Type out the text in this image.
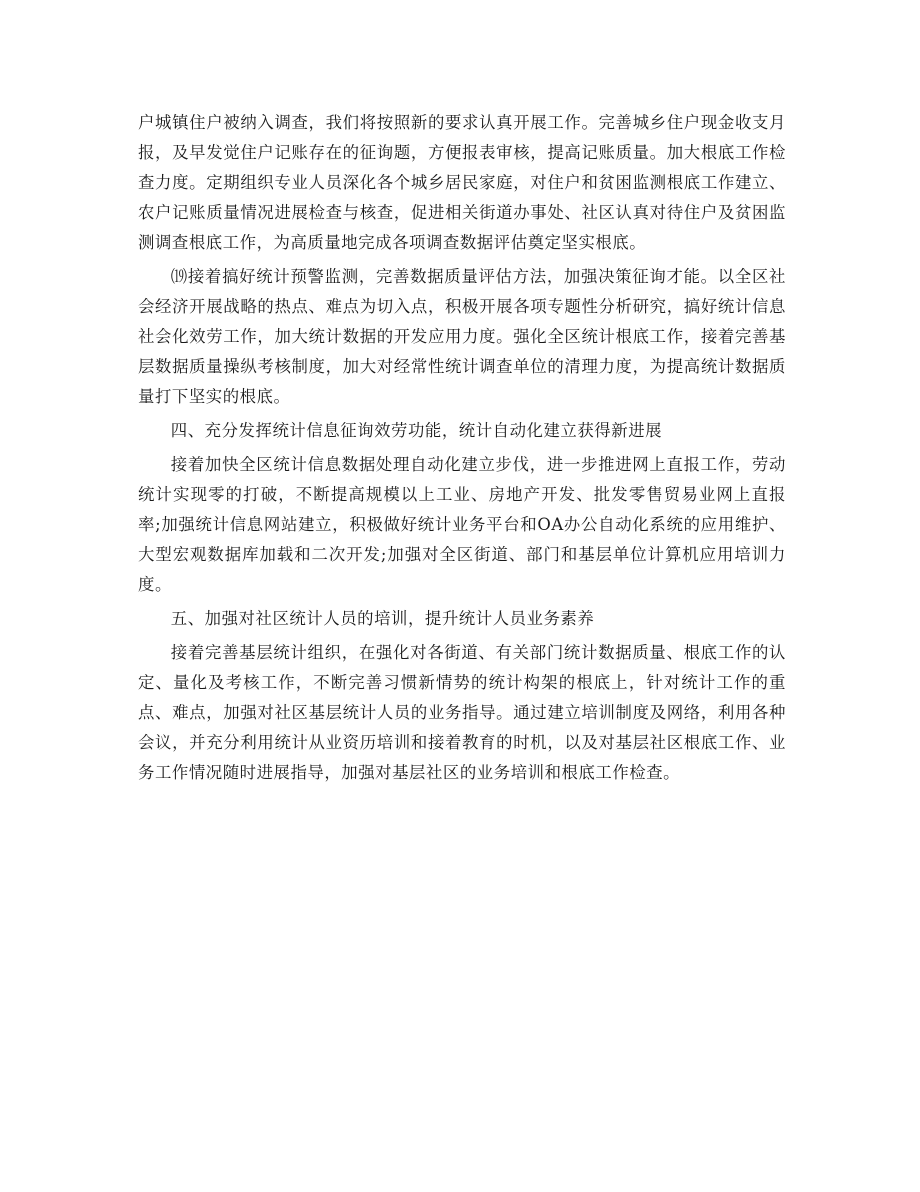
户城镇住户被纳入调查，我们将按照新的要求认真开展工作。完善城乡住户现金收支月报，及早发觉住户记账存在的征询题，方便报表审核，提高记账质量。加大根底工作检查力度。定期组织专业人员深化各个城乡居民家庭，对住户和贫困监测根底工作建立、农户记账质量情况进展检查与核查，促进相关街道办事处、社区认真对待住户及贫困监测调查根底工作，为高质量地完成各项调查数据评估奠定坚实根底。

⒆接着搞好统计预警监测，完善数据质量评估方法，加强决策征询才能。以全区社会经济开展战略的热点、难点为切入点，积极开展各项专题性分析研究，搞好统计信息社会化效劳工作，加大统计数据的开发应用力度。强化全区统计根底工作，接着完善基层数据质量操纵考核制度，加大对经常性统计调查单位的清理力度，为提高统计数据质量打下坚实的根底。

四、充分发挥统计信息征询效劳功能，统计自动化建立获得新进展

接着加快全区统计信息数据处理自动化建立步伐，进一步推进网上直报工作，劳动统计实现零的打破，不断提高规模以上工业、房地产开发、批发零售贸易业网上直报率;加强统计信息网站建立，积极做好统计业务平台和OA办公自动化系统的应用维护、大型宏观数据库加载和二次开发;加强对全区街道、部门和基层单位计算机应用培训力度。

五、加强对社区统计人员的培训，提升统计人员业务素养

接着完善基层统计组织，在强化对各街道、有关部门统计数据质量、根底工作的认定、量化及考核工作，不断完善习惯新情势的统计构架的根底上，针对统计工作的重点、难点，加强对社区基层统计人员的业务指导。通过建立培训制度及网络，利用各种会议，并充分利用统计从业资历培训和接着教育的时机，以及对基层社区根底工作、业务工作情况随时进展指导，加强对基层社区的业务培训和根底工作检查。
